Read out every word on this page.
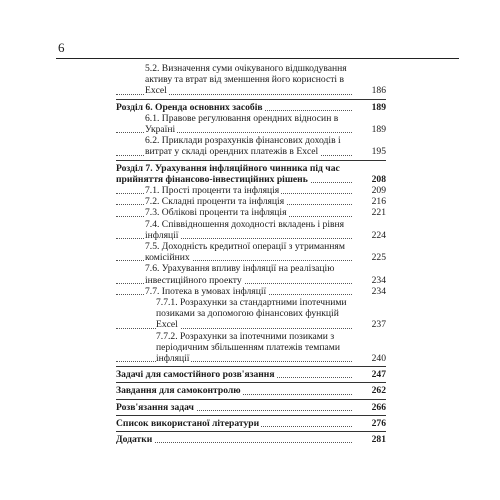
6
5.2. Визначення суми очікуваного відшкодування активу та втрат від зменшення його корисності в Excel	186
Розділ 6. Оренда основних засобів	189
6.1. Правове регулювання орендних відносин в Україні	189
6.2. Приклади розрахунків фінансових доходів і витрат у складі орендних платежів в Excel	195
Розділ 7. Урахування інфляційного чинника під час прийняття фінансово-інвестиційних рішень	208
7.1. Прості проценти та інфляція	209
7.2. Складні проценти та інфляція	216
7.3. Облікові проценти та інфляція	221
7.4. Співвідношення доходності вкладень і рівня інфляції	224
7.5. Доходність кредитної операції з утриманням комісійних	225
7.6. Урахування впливу інфляції на реалізацію інвестиційного проекту	234
7.7. Іпотека в умовах інфляції	234
7.7.1. Розрахунки за стандартними іпотечними позиками за допомогою фінансових функцій Excel	237
7.7.2. Розрахунки за іпотечними позиками з періодичним збільшенням платежів темпами інфляції	240
Задачі для самостійного розв'язання	247
Завдання для самоконтролю	262
Розв'язання задач	266
Список використаної літератури	276
Додатки	281
